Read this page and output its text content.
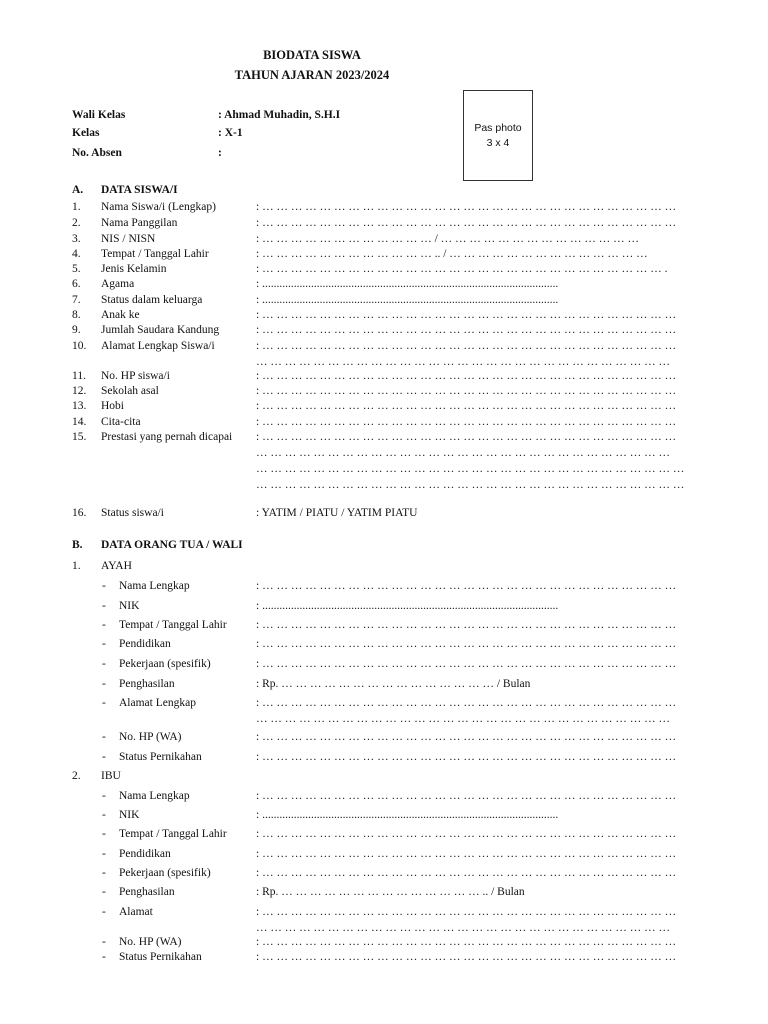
BIODATA SISWA
TAHUN AJARAN 2023/2024
Pas photo
3 x 4
Wali Kelas	: Ahmad Muhadin, S.H.I
Kelas	: X-1
No. Absen	:
A. DATA SISWA/I
1. Nama Siswa/i (Lengkap)	: … … … … … … … … … … … … … … … … … … … … … … … … … … … … …
2. Nama Panggilan	: … … … … … … … … … … … … … … … … … … … … … … … … … … … … …
3. NIS / NISN	: … … … … … … … … … … … … / … … … … … … … … … … … … … …
4. Tempat / Tanggal Lahir	: … … … … … … … … … … … … .. / … … … … … … … … … … … … … …
5. Jenis Kelamin	: … … … … … … … … … … … … … … … … … … … … … … … … … … … … .
6. Agama	: .......................................................................................................
7. Status dalam keluarga	: .......................................................................................................
8. Anak ke	: … … … … … … … … … … … … … … … … … … … … … … … … … … … … …
9. Jumlah Saudara Kandung	: … … … … … … … … … … … … … … … … … … … … … … … … … … … … …
10. Alamat Lengkap Siswa/i	: … … … … … … … … … … … … … … … … … … … … … … … … … … … … …
… … … … … … … … … … … … … … … … … … … … … … … … … … … … …
11. No. HP siswa/i	: … … … … … … … … … … … … … … … … … … … … … … … … … … … … …
12. Sekolah asal	: … … … … … … … … … … … … … … … … … … … … … … … … … … … … …
13. Hobi	: … … … … … … … … … … … … … … … … … … … … … … … … … … … … …
14. Cita-cita	: … … … … … … … … … … … … … … … … … … … … … … … … … … … … …
15. Prestasi yang pernah dicapai : … … … … … … … … … … … … … … … … … … … … … … … … … … … … …
… … … … … … … … … … … … … … … … … … … … … … … … … … … … …
… … … … … … … … … … … … … … … … … … … … … … … … … … … … … …
… … … … … … … … … … … … … … … … … … … … … … … … … … … … … …
16. Status siswa/i	: YATIM / PIATU / YATIM PIATU
B. DATA ORANG TUA / WALI
1. AYAH
- Nama Lengkap	: … … … … … … … … … … … … … … … … … … … … … … … … … … … … …
- NIK	: .......................................................................................................
- Tempat / Tanggal Lahir	: … … … … … … … … … … … … … … … … … … … … … … … … … … … … …
- Pendidikan	: … … … … … … … … … … … … … … … … … … … … … … … … … … … … …
- Pekerjaan (spesifik)	: … … … … … … … … … … … … … … … … … … … … … … … … … … … … …
- Penghasilan	: Rp. … … … … … … … … … … … … … … … / Bulan
- Alamat Lengkap	: … … … … … … … … … … … … … … … … … … … … … … … … … … … … …
… … … … … … … … … … … … … … … … … … … … … … … … … … … … …
- No. HP (WA)	: … … … … … … … … … … … … … … … … … … … … … … … … … … … … …
- Status Pernikahan	: … … … … … … … … … … … … … … … … … … … … … … … … … … … … …
2. IBU
- Nama Lengkap	: … … … … … … … … … … … … … … … … … … … … … … … … … … … … …
- NIK	: .......................................................................................................
- Tempat / Tanggal Lahir	: … … … … … … … … … … … … … … … … … … … … … … … … … … … … …
- Pendidikan	: … … … … … … … … … … … … … … … … … … … … … … … … … … … … …
- Pekerjaan (spesifik)	: … … … … … … … … … … … … … … … … … … … … … … … … … … … … …
- Penghasilan	: Rp. … … … … … … … … … … … … … … .. / Bulan
- Alamat	: … … … … … … … … … … … … … … … … … … … … … … … … … … … … …
… … … … … … … … … … … … … … … … … … … … … … … … … … … … …
- No. HP (WA)	: … … … … … … … … … … … … … … … … … … … … … … … … … … … … …
- Status Pernikahan	: … … … … … … … … … … … … … … … … … … … … … … … … … … … … …
